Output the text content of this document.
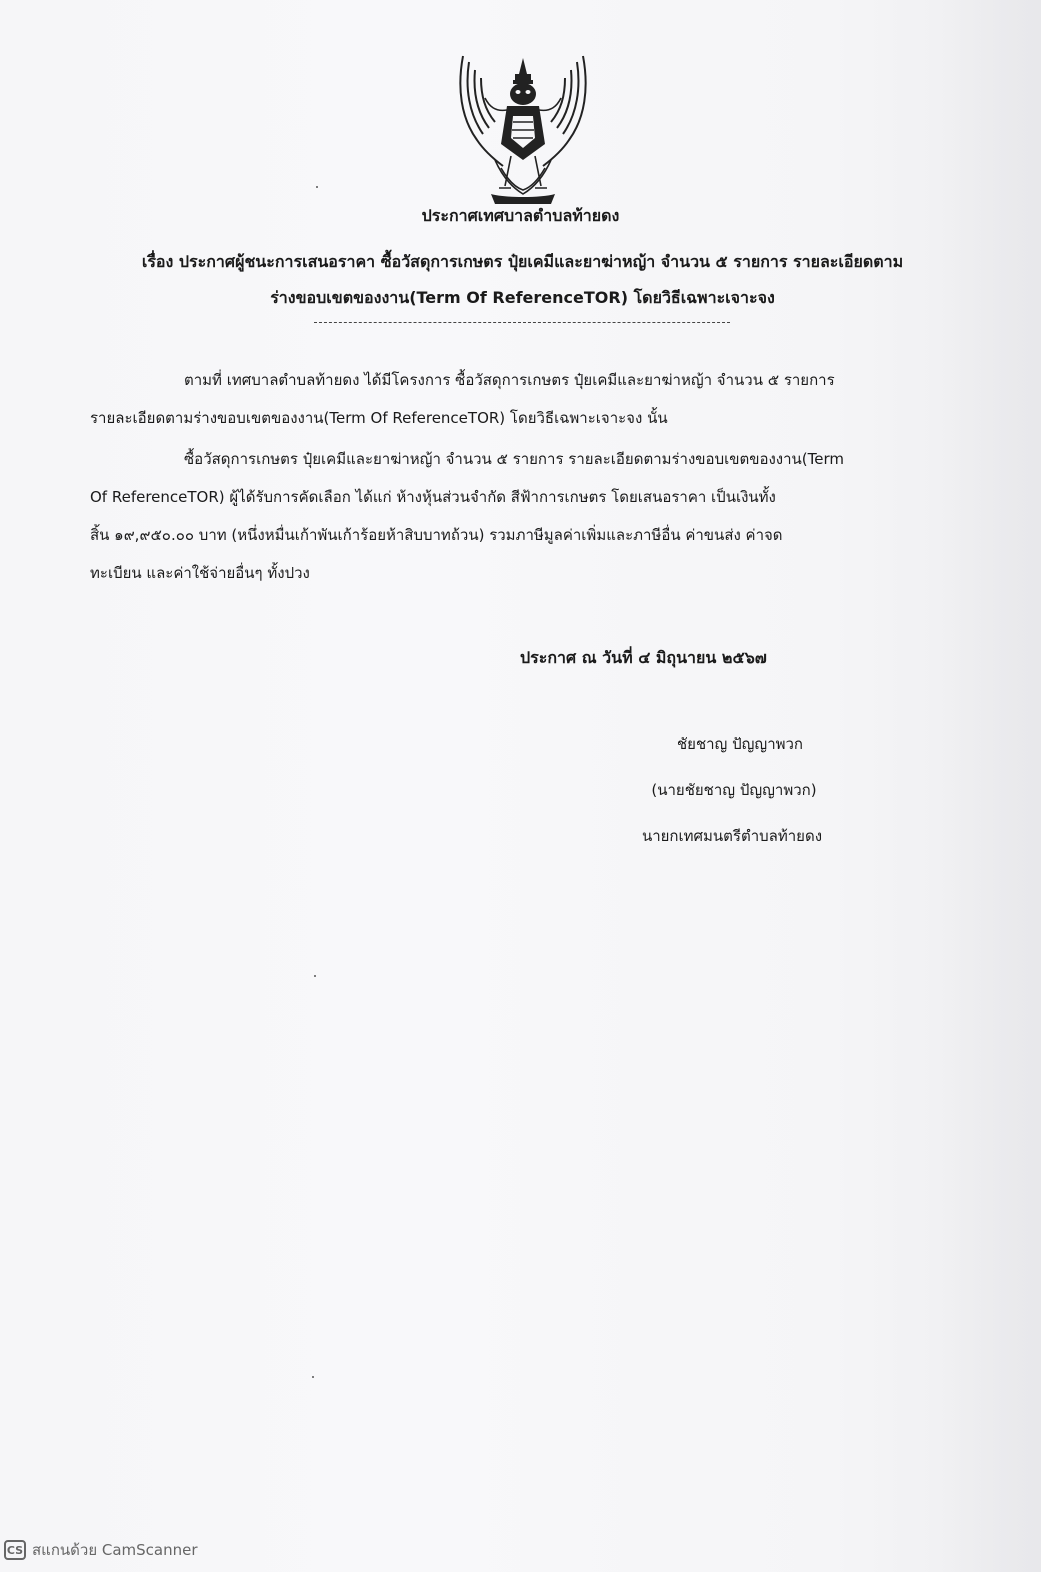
ประกาศเทศบาลตำบลท้ายดง
เรื่อง ประกาศผู้ชนะการเสนอราคา ซื้อวัสดุการเกษตร ปุ๋ยเคมีและยาฆ่าหญ้า จำนวน ๕ รายการ รายละเอียดตาม
ร่างขอบเขตของงาน(Term Of ReferenceTOR) โดยวิธีเฉพาะเจาะจง
ตามที่ เทศบาลตำบลท้ายดง ได้มีโครงการ ซื้อวัสดุการเกษตร ปุ๋ยเคมีและยาฆ่าหญ้า จำนวน ๕ รายการ
รายละเอียดตามร่างขอบเขตของงาน(Term Of ReferenceTOR) โดยวิธีเฉพาะเจาะจง นั้น
ซื้อวัสดุการเกษตร ปุ๋ยเคมีและยาฆ่าหญ้า จำนวน ๕ รายการ รายละเอียดตามร่างขอบเขตของงาน(Term
Of ReferenceTOR) ผู้ได้รับการคัดเลือก ได้แก่ ห้างหุ้นส่วนจำกัด สีฟ้าการเกษตร โดยเสนอราคา เป็นเงินทั้ง
สิ้น ๑๙,๙๕๐.๐๐ บาท (หนึ่งหมื่นเก้าพันเก้าร้อยห้าสิบบาทถ้วน) รวมภาษีมูลค่าเพิ่มและภาษีอื่น ค่าขนส่ง ค่าจด
ทะเบียน และค่าใช้จ่ายอื่นๆ ทั้งปวง
ประกาศ ณ วันที่ ๔ มิถุนายน ๒๕๖๗
ชัยชาญ ปัญญาพวก
(นายชัยชาญ ปัญญาพวก)
นายกเทศมนตรีตำบลท้ายดง
CS สแกนด้วย CamScanner
